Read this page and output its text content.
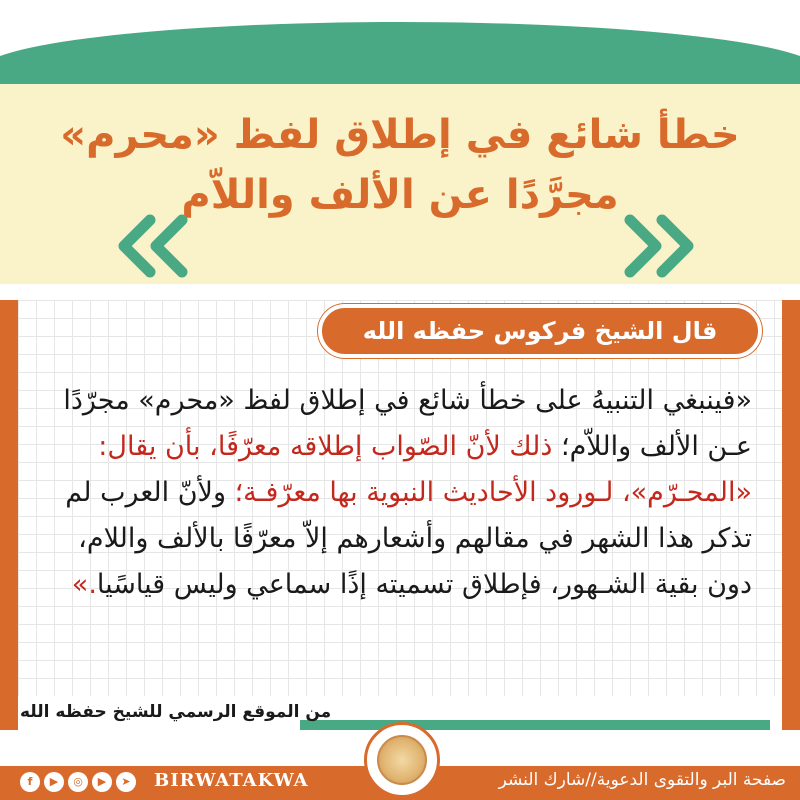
خطأ شائع في إطلاق لفظ «محرم»
مجرَّدًا عن الألف واللاّم
قال الشيخ فركوس حفظه الله
«فينبغي التنبيهُ على خطأ شائع في إطلاق لفظ «محرم» مجرّدًا
عـن الألف واللاّم؛ ذلك لأنّ الصّواب إطلاقه معرّفًا، بأن يقال:
«المحـرّم»، لـورود الأحاديث النبوية بها معرّفـة؛ ولأنّ العرب لم
تذكر هذا الشهر في مقالهم وأشعارهم إلاّ معرّفًا بالألف واللام،
دون بقية الشـهور، فإطلاق تسميته إذًا سماعي وليس قياسًيا.»
من الموقع الرسمي للشيخ حفظه الله
f	▶	◎	▶	➤ BIRWATAKWA	صفحة البر والتقوى الدعوية//شارك النشر
